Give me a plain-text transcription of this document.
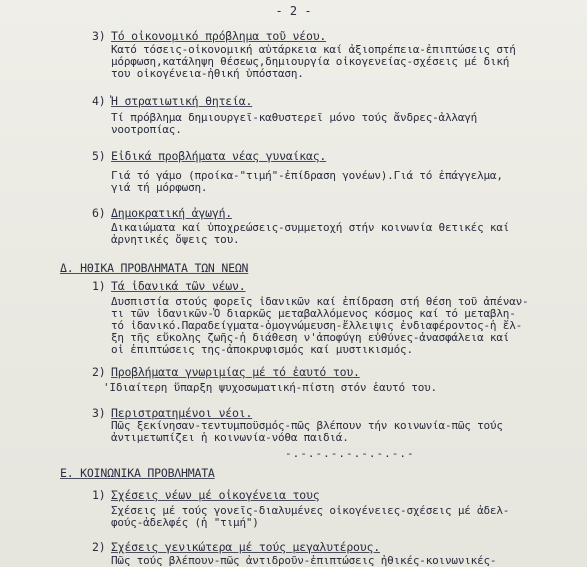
- 2 -
3) Τό οἰκονομικό πρόβλημα τοῦ νέου.
Κατό τόσεις-οἰκονομική αὐτάρκεια καί ἀξιοπρέπεια-ἐπιπτώσεις στή
μόρφωση,κατάληψη θέσεως,δημιουργία οἰκογενείας-σχέσεις μέ δική
του οἰκογένεια-ἠθική ὑπόσταση.
4) Ἡ στρατιωτική θητεία.
Τί πρόβλημα δημιουργεῖ-καθυστερεῖ μόνο τούς ἄνδρες-ἀλλαγή
νοοτροπίας.
5) Εἰδικά προβλήματα νέας γυναίκας.
Γιά τό γάμο (προίκα-"τιμή"-ἐπίδραση γονέων).Γιά τό ἐπάγγελμα,
γιά τή μόρφωση.
6) Δημοκρατική ἀγωγή.
Δικαιώματα καί ὑποχρεώσεις-συμμετοχή στήν κοινωνία θετικές καί
ἀρνητικές ὄψεις του.
Δ. ΗΘΙΚΑ ΠΡΟΒΛΗΜΑΤΑ ΤΩΝ ΝΕΩΝ
1) Τά ἰδανικά τῶν νέων.
Δυσπιστία στούς φορεῖς ἰδανικῶν καί ἐπίδραση στή θέση τοῦ ἀπέναν-
τι τῶν ἰδανικῶν-Ὁ διαρκῶς μεταβαλλόμενος κόσμος καί τό μεταβλη-
τό ἰδανικό.Παραδείγματα-ὁμογνώμευση-ἔλλειψις ἐνδιαφέροντος-ἡ ἔλ-
ξη τῆς εὔκολης ζωῆς-ἡ διάθεση ν'ἀποφύγη εὐθύνες-ἀνασφάλεια καί
οἱ ἐπιπτώσεις της-ἀποκρυφισμός καί μυστικισμός.
2) Προβλήματα γνωριμίας μέ τό ἐαυτό του.
'Ιδιαίτερη ὕπαρξη ψυχοσωματική-πίστη στόν ἑαυτό του.
3) Περιστρατημένοι νέοι.
Πῶς ξεκίνησαν-τεντυμποϋσμός-πῶς βλέπουν τήν κοινωνία-πῶς τούς
ἀντιμετωπίζει ἡ κοινωνία-νόθα παιδιά.
-.-.-.-.-.-.-.-.-
Ε. ΚΟΙΝΩΝΙΚΑ ΠΡΟΒΛΗΜΑΤΑ
1) Σχέσεις νέων μέ οἰκογένεια τους
Σχέσεις μέ τούς γονεῖς-διαλυμένες οἰκογένειες-σχέσεις μέ ἀδελ-
φούς-ἀδελφές (ἡ "τιμή")
2) Σχέσεις γενικώτερα μέ τούς μεγαλυτέρους.
Πῶς τούς βλέπουν-πῶς ἀντιδροῦν-ἐπιπτώσεις ἠθικές-κοινωνικές-
